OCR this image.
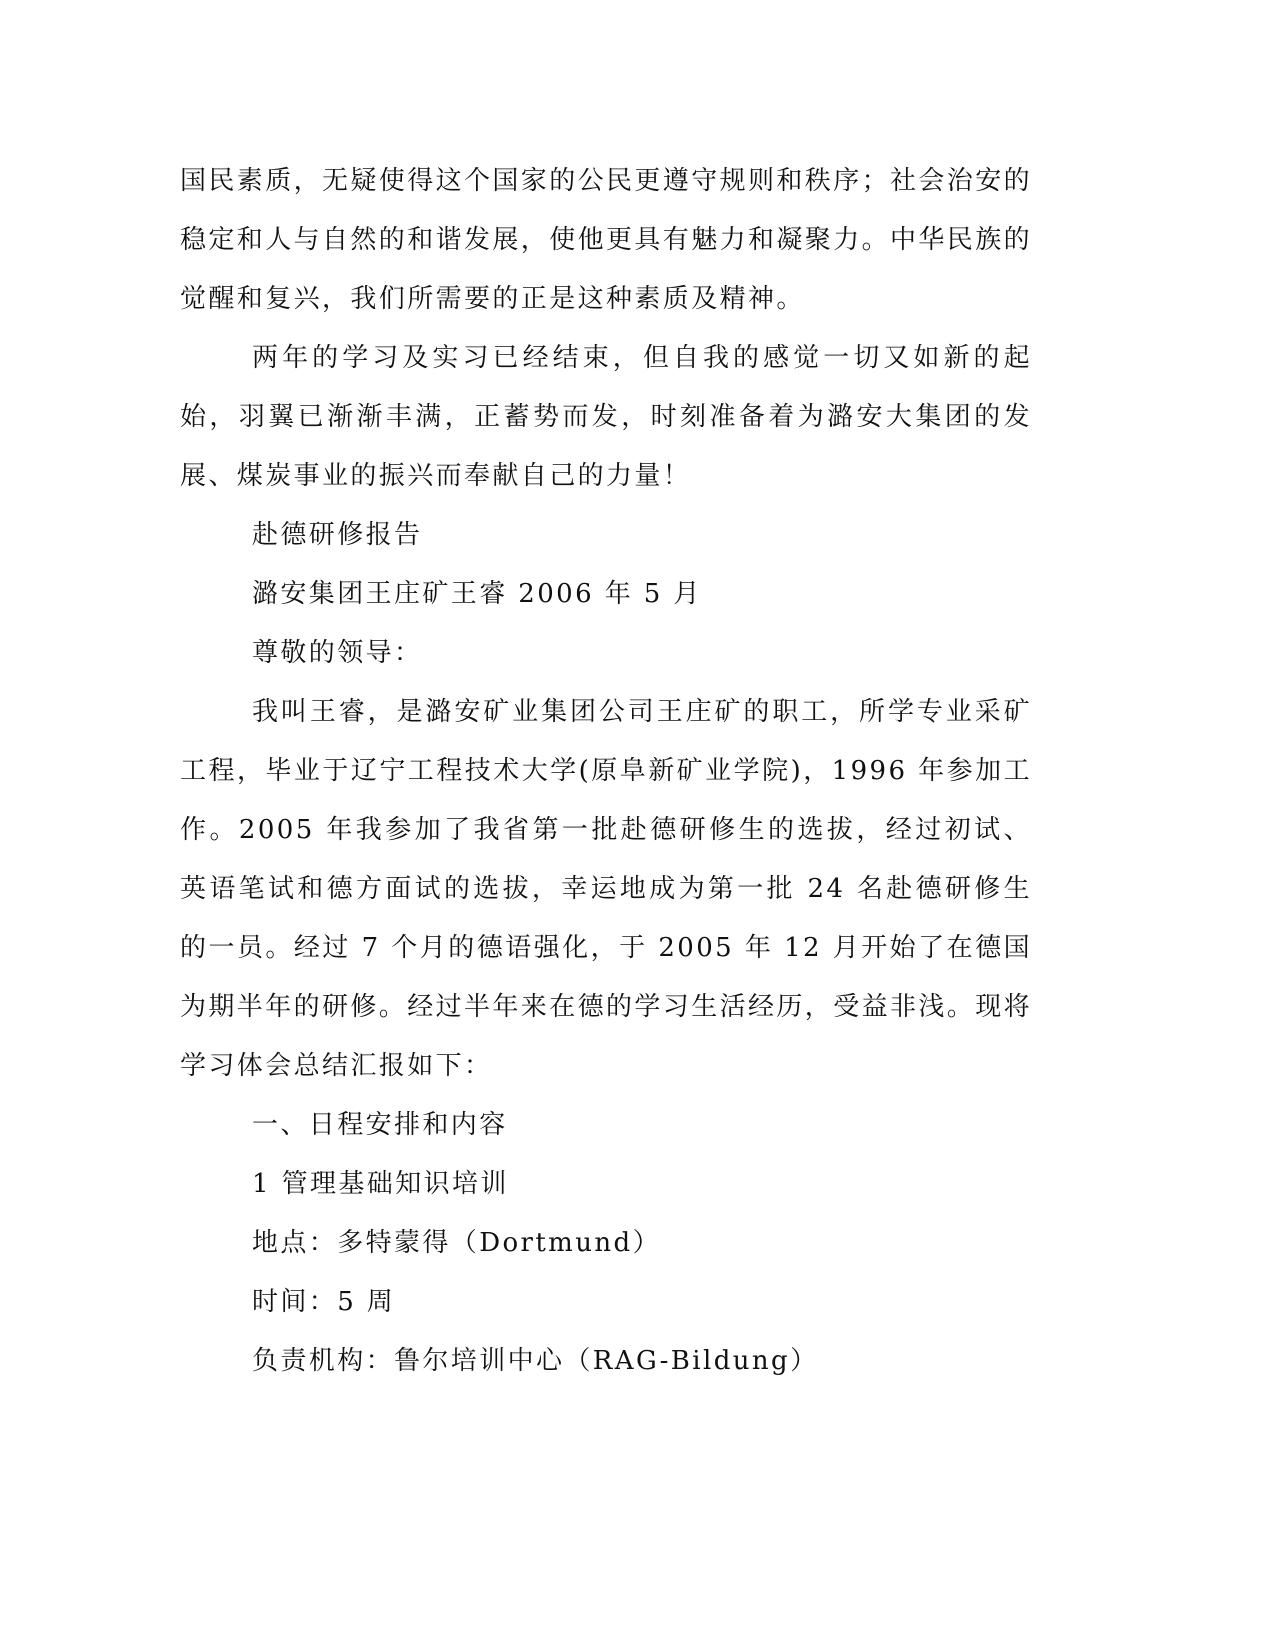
国民素质，无疑使得这个国家的公民更遵守规则和秩序；社会治安的稳定和人与自然的和谐发展，使他更具有魅力和凝聚力。中华民族的觉醒和复兴，我们所需要的正是这种素质及精神。

两年的学习及实习已经结束，但自我的感觉一切又如新的起始，羽翼已渐渐丰满，正蓄势而发，时刻准备着为潞安大集团的发展、煤炭事业的振兴而奉献自己的力量！

赴德研修报告

潞安集团王庄矿王睿 2006 年 5 月

尊敬的领导：

我叫王睿，是潞安矿业集团公司王庄矿的职工，所学专业采矿工程，毕业于辽宁工程技术大学(原阜新矿业学院)，1996 年参加工作。2005 年我参加了我省第一批赴德研修生的选拔，经过初试、英语笔试和德方面试的选拔，幸运地成为第一批 24 名赴德研修生的一员。经过 7 个月的德语强化，于 2005 年 12 月开始了在德国为期半年的研修。经过半年来在德的学习生活经历，受益非浅。现将学习体会总结汇报如下：

一、日程安排和内容

1 管理基础知识培训

地点：多特蒙得（Dortmund）

时间：5 周

负责机构：鲁尔培训中心（RAG-Bildung）
